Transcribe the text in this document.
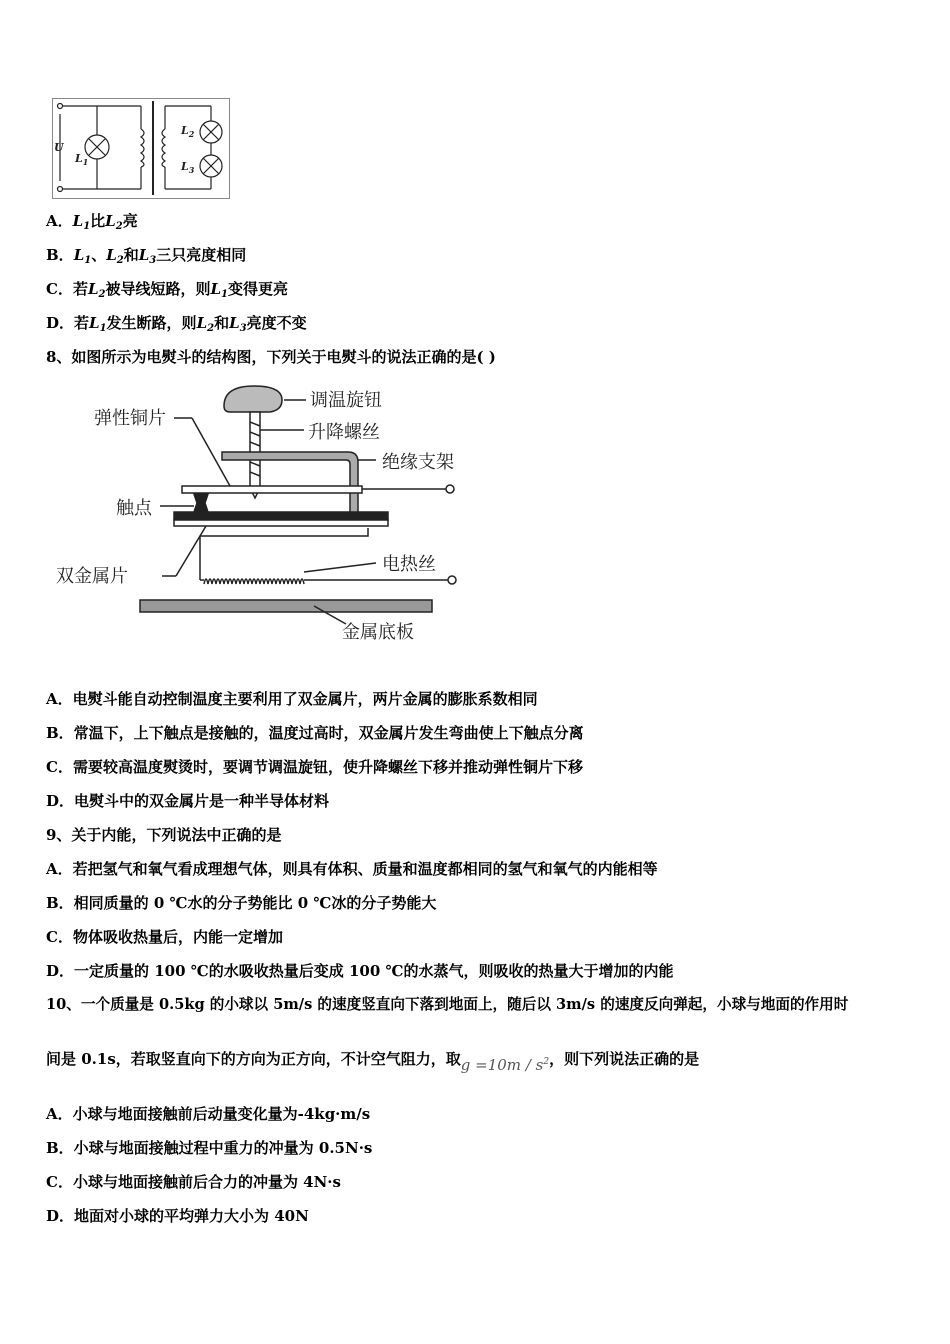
U
$L_1$
$L_2$
$L_3$
A．$L_1$比$L_2$亮
B．$L_1$、$L_2$和$L_3$三只亮度相同
C．若$L_2$被导线短路，则$L_1$变得更亮
D．若$L_1$发生断路，则$L_2$和$L_3$亮度不变
8、如图所示为电熨斗的结构图，下列关于电熨斗的说法正确的是( )
调温旋钮
升降螺丝
绝缘支架
弹性铜片
触点
双金属片
电热丝
金属底板
A．电熨斗能自动控制温度主要利用了双金属片，两片金属的膨胀系数相同
B．常温下，上下触点是接触的，温度过高时，双金属片发生弯曲使上下触点分离
C．需要较高温度熨烫时，要调节调温旋钮，使升降螺丝下移并推动弹性铜片下移
D．电熨斗中的双金属片是一种半导体材料
9、关于内能，下列说法中正确的是
A．若把氢气和氧气看成理想气体，则具有体积、质量和温度都相同的氢气和氧气的内能相等
B．相同质量的 0 ℃水的分子势能比 0 ℃冰的分子势能大
C．物体吸收热量后，内能一定增加
D．一定质量的 100 ℃的水吸收热量后变成 100 ℃的水蒸气，则吸收的热量大于增加的内能
10、一个质量是 0.5kg 的小球以 5m/s 的速度竖直向下落到地面上，随后以 3m/s 的速度反向弹起，小球与地面的作用时
间是 0.1s，若取竖直向下的方向为正方向，不计空气阻力，取$g =10m / s^2$，则下列说法正确的是
A．小球与地面接触前后动量变化量为-4kg·m/s
B．小球与地面接触过程中重力的冲量为 0.5N·s
C．小球与地面接触前后合力的冲量为 4N·s
D．地面对小球的平均弹力大小为 40N
